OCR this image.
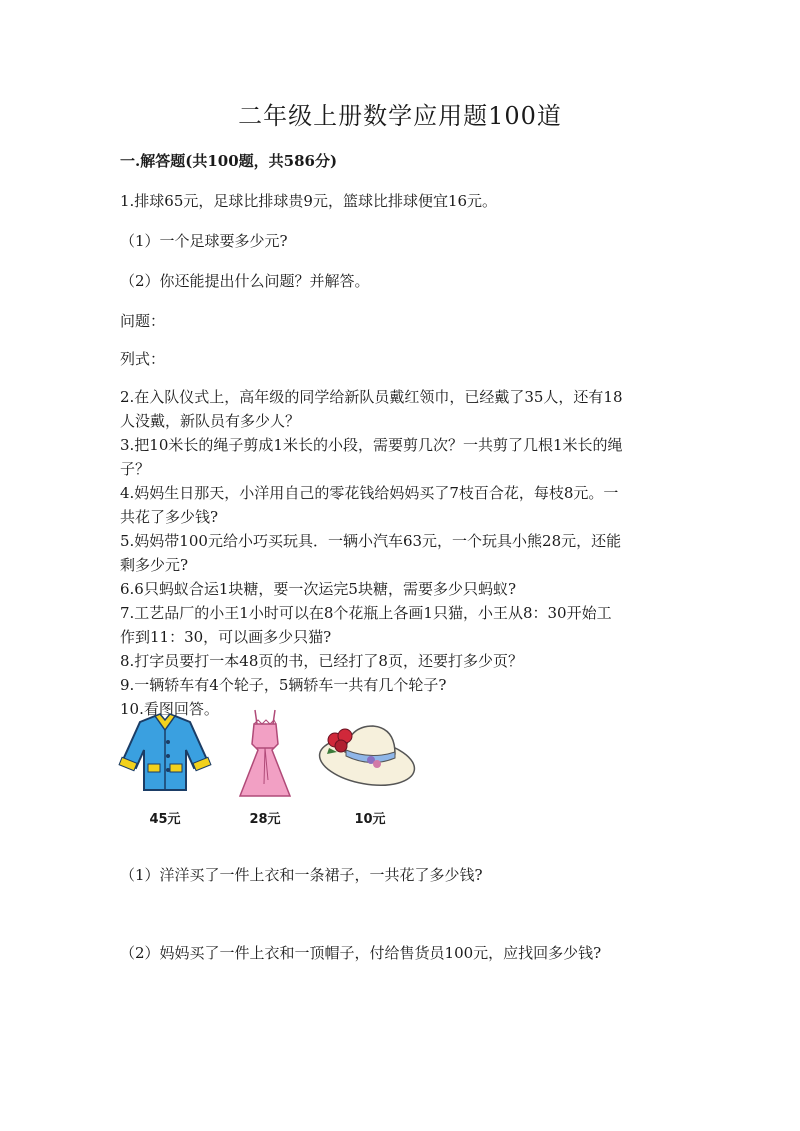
二年级上册数学应用题100道
一.解答题(共100题，共586分)
1.排球65元，足球比排球贵9元，篮球比排球便宜16元。
（1）一个足球要多少元?
（2）你还能提出什么问题？并解答。
问题：
列式：
2.在入队仪式上，高年级的同学给新队员戴红领巾，已经戴了35人，还有18
人没戴，新队员有多少人？
3.把10米长的绳子剪成1米长的小段，需要剪几次？一共剪了几根1米长的绳
子？
4.妈妈生日那天，小洋用自己的零花钱给妈妈买了7枝百合花，每枝8元。一
共花了多少钱?
5.妈妈带100元给小巧买玩具．一辆小汽车63元，一个玩具小熊28元，还能
剩多少元?
6.6只蚂蚁合运1块糖，要一次运完5块糖，需要多少只蚂蚁?
7.工艺品厂的小王1小时可以在8个花瓶上各画1只猫，小王从8：30开始工
作到11：30，可以画多少只猫?
8.打字员要打一本48页的书，已经打了8页，还要打多少页？
9.一辆轿车有4个轮子，5辆轿车一共有几个轮子?
10.看图回答。
45元	28元	10元
（1）洋洋买了一件上衣和一条裙子，一共花了多少钱?
（2）妈妈买了一件上衣和一顶帽子，付给售货员100元，应找回多少钱?
